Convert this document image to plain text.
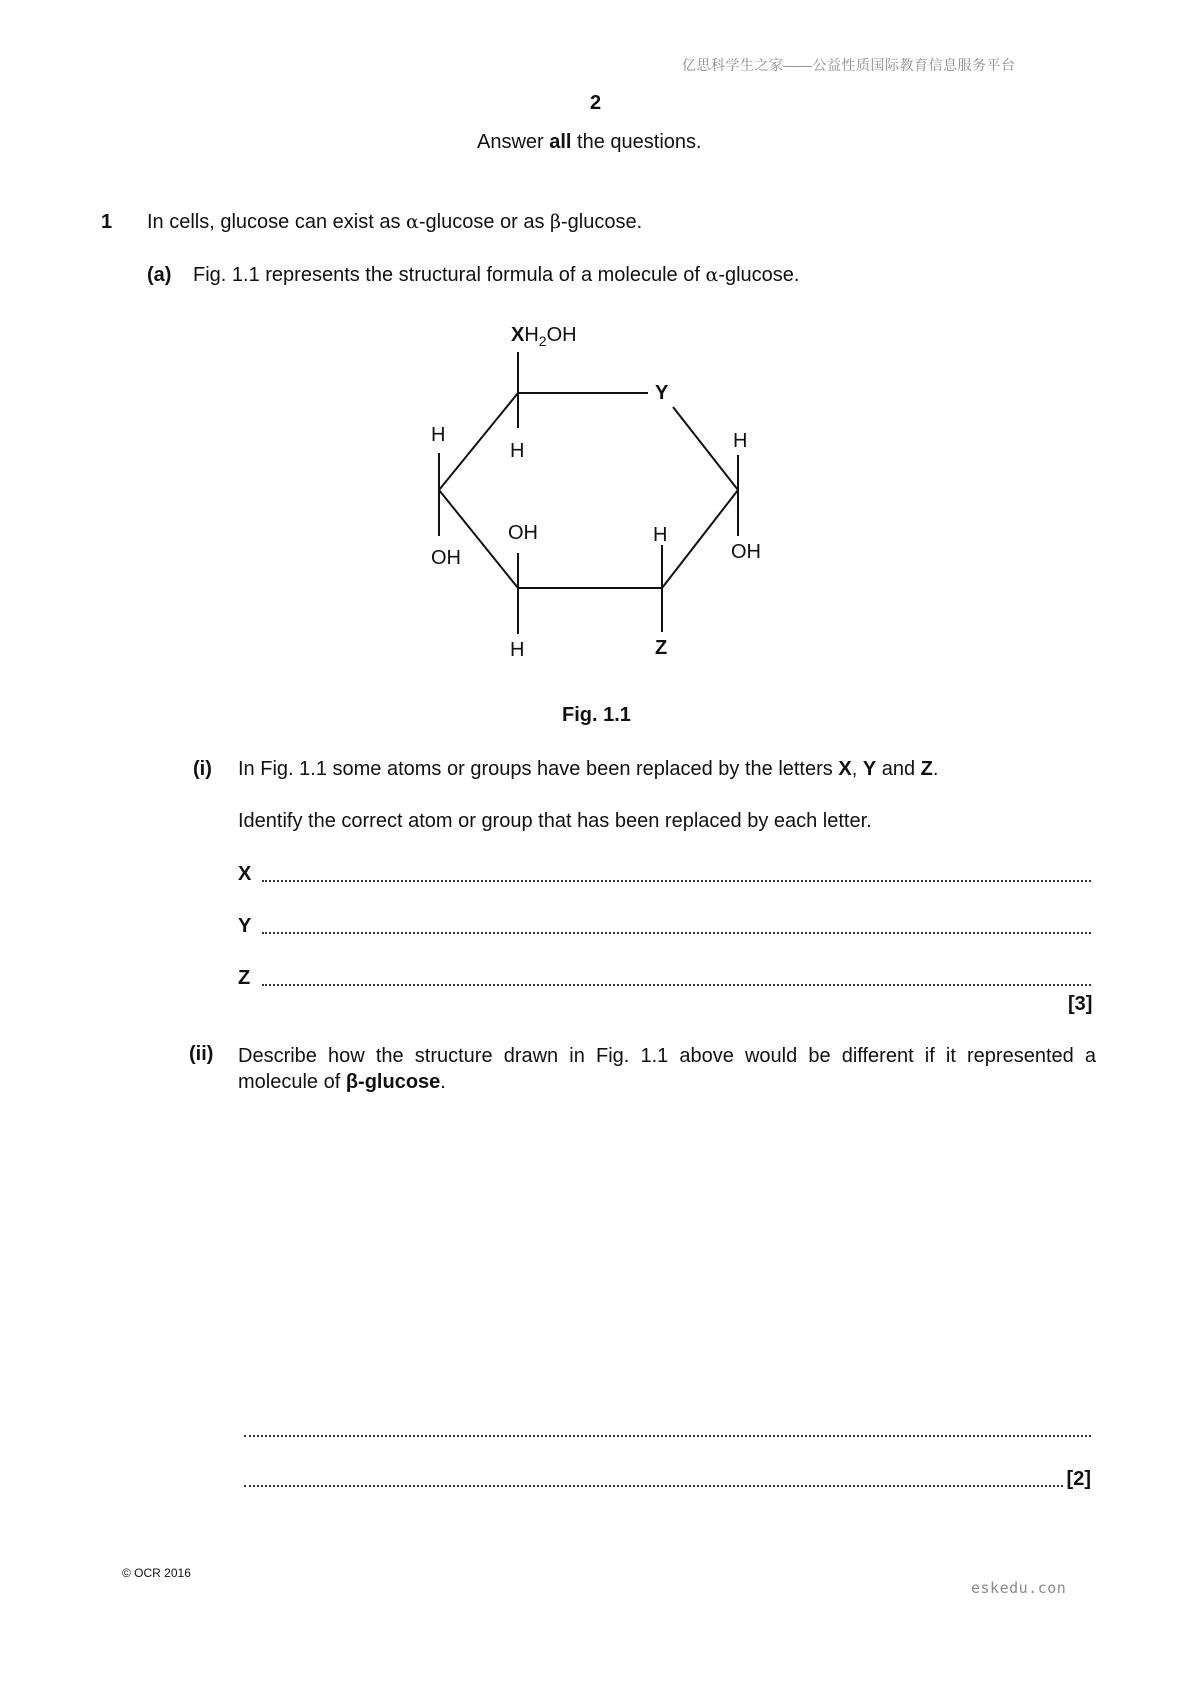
亿思科学生之家——公益性质国际教育信息服务平台
2
Answer all the questions.
1 In cells, glucose can exist as α-glucose or as β-glucose.
(a) Fig. 1.1 represents the structural formula of a molecule of α-glucose.
$XH_2OH$
Y
Z
H
H	H
OH
OH	H
OH
H
Fig. 1.1
(i) In Fig. 1.1 some atoms or groups have been replaced by the letters X, Y and Z.
Identify the correct atom or group that has been replaced by each letter.
X
Y
Z
[3]
(ii) Describe how the structure drawn in Fig. 1.1 above would be different if it represented a molecule of β-glucose.
[2]
© OCR 2016
eskedu.con
